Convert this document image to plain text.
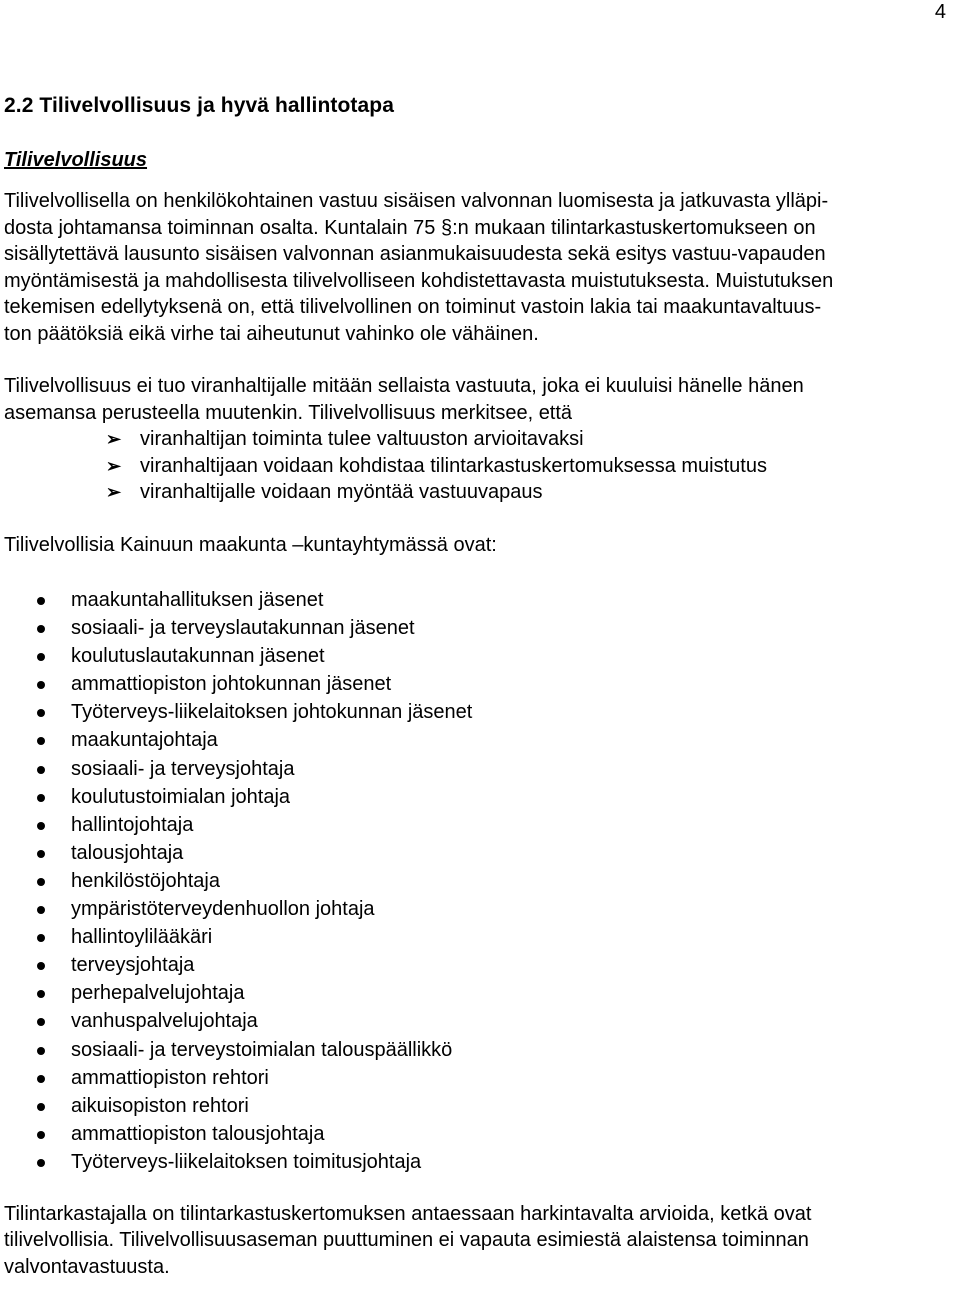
4
2.2 Tilivelvollisuus ja hyvä hallintotapa
Tilivelvollisuus
Tilivelvollisella on henkilökohtainen vastuu sisäisen valvonnan luomisesta ja jatkuvasta ylläpi-
dosta johtamansa toiminnan osalta. Kuntalain 75 §:n mukaan tilintarkastuskertomukseen on
sisällytettävä lausunto sisäisen valvonnan asianmukaisuudesta sekä esitys vastuu-vapauden
myöntämisestä ja mahdollisesta tilivelvolliseen kohdistettavasta muistutuksesta. Muistutuksen
tekemisen edellytyksenä on, että tilivelvollinen on toiminut vastoin lakia tai maakuntavaltuus-
ton päätöksiä eikä virhe tai aiheutunut vahinko ole vähäinen.
Tilivelvollisuus ei tuo viranhaltijalle mitään sellaista vastuuta, joka ei kuuluisi hänelle hänen
asemansa perusteella muutenkin. Tilivelvollisuus merkitsee, että
➢ viranhaltijan toiminta tulee valtuuston arvioitavaksi
➢ viranhaltijaan voidaan kohdistaa tilintarkastuskertomuksessa muistutus
➢ viranhaltijalle voidaan myöntää vastuuvapaus
Tilivelvollisia Kainuun maakunta –kuntayhtymässä ovat:
maakuntahallituksen jäsenet
sosiaali- ja terveyslautakunnan jäsenet
koulutuslautakunnan jäsenet
ammattiopiston johtokunnan jäsenet
Työterveys-liikelaitoksen johtokunnan jäsenet
maakuntajohtaja
sosiaali- ja terveysjohtaja
koulutustoimialan johtaja
hallintojohtaja
talousjohtaja
henkilöstöjohtaja
ympäristöterveydenhuollon johtaja
hallintoylilääkäri
terveysjohtaja
perhepalvelujohtaja
vanhuspalvelujohtaja
sosiaali- ja terveystoimialan talouspäällikkö
ammattiopiston rehtori
aikuisopiston rehtori
ammattiopiston talousjohtaja
Työterveys-liikelaitoksen toimitusjohtaja
Tilintarkastajalla on tilintarkastuskertomuksen antaessaan harkintavalta arvioida, ketkä ovat
tilivelvollisia. Tilivelvollisuusaseman puuttuminen ei vapauta esimiestä alaistensa toiminnan
valvontavastuusta.
